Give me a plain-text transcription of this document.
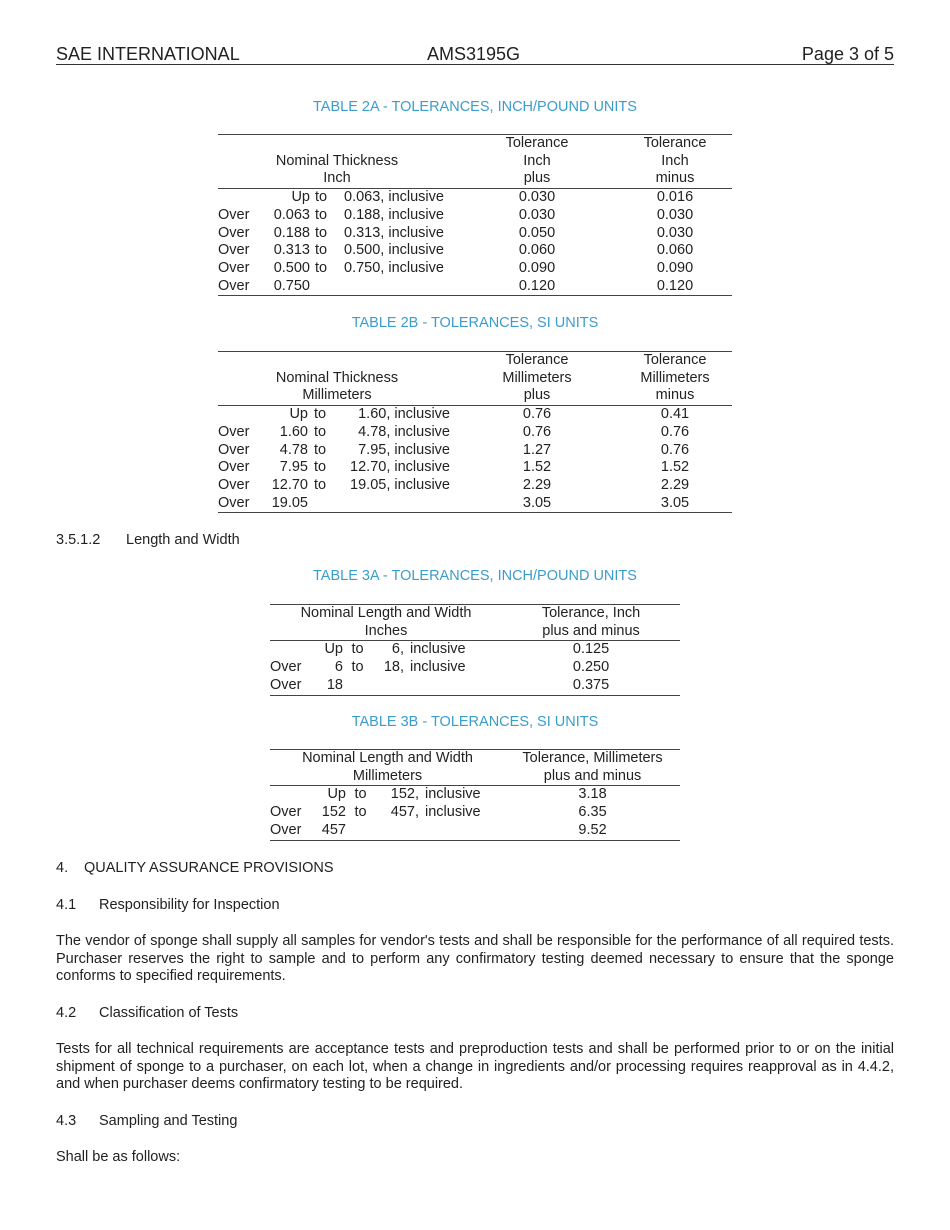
SAE INTERNATIONAL	AMS3195G	Page 3 of 5
TABLE 2A - TOLERANCES, INCH/POUND UNITS
				Tolerance	Tolerance
Nominal Thickness				Inch	Inch
Inch				plus	minus
	Up	to	0.063, inclusive	0.030	0.016
Over	0.063	to	0.188, inclusive	0.030	0.030
Over	0.188	to	0.313, inclusive	0.050	0.030
Over	0.313	to	0.500, inclusive	0.060	0.060
Over	0.500	to	0.750, inclusive	0.090	0.090
Over	0.750			0.120	0.120
TABLE 2B - TOLERANCES, SI UNITS
				Tolerance	Tolerance
Nominal Thickness				Millimeters	Millimeters
Millimeters				plus	minus
	Up	to	1.60, inclusive	0.76	0.41
Over	1.60	to	4.78, inclusive	0.76	0.76
Over	4.78	to	7.95, inclusive	1.27	0.76
Over	7.95	to	12.70, inclusive	1.52	1.52
Over	12.70	to	19.05, inclusive	2.29	2.29
Over	19.05			3.05	3.05
3.5.1.2 Length and Width
TABLE 3A - TOLERANCES, INCH/POUND UNITS
Nominal Length and Width					Tolerance, Inch
Inches					plus and minus
	Up	to	6,	inclusive	0.125
Over	6	to	18,	inclusive	0.250
Over	18				0.375
TABLE 3B - TOLERANCES, SI UNITS
Nominal Length and Width					Tolerance, Millimeters
Millimeters					plus and minus
	Up	to	152,	inclusive	3.18
Over	152	to	457,	inclusive	6.35
Over	457				9.52
4. QUALITY ASSURANCE PROVISIONS
4.1 Responsibility for Inspection
The vendor of sponge shall supply all samples for vendor's tests and shall be responsible for the performance of all required tests. Purchaser reserves the right to sample and to perform any confirmatory testing deemed necessary to ensure that the sponge conforms to specified requirements.
4.2 Classification of Tests
Tests for all technical requirements are acceptance tests and preproduction tests and shall be performed prior to or on the initial shipment of sponge to a purchaser, on each lot, when a change in ingredients and/or processing requires reapproval as in 4.4.2, and when purchaser deems confirmatory testing to be required.
4.3 Sampling and Testing
Shall be as follows:
